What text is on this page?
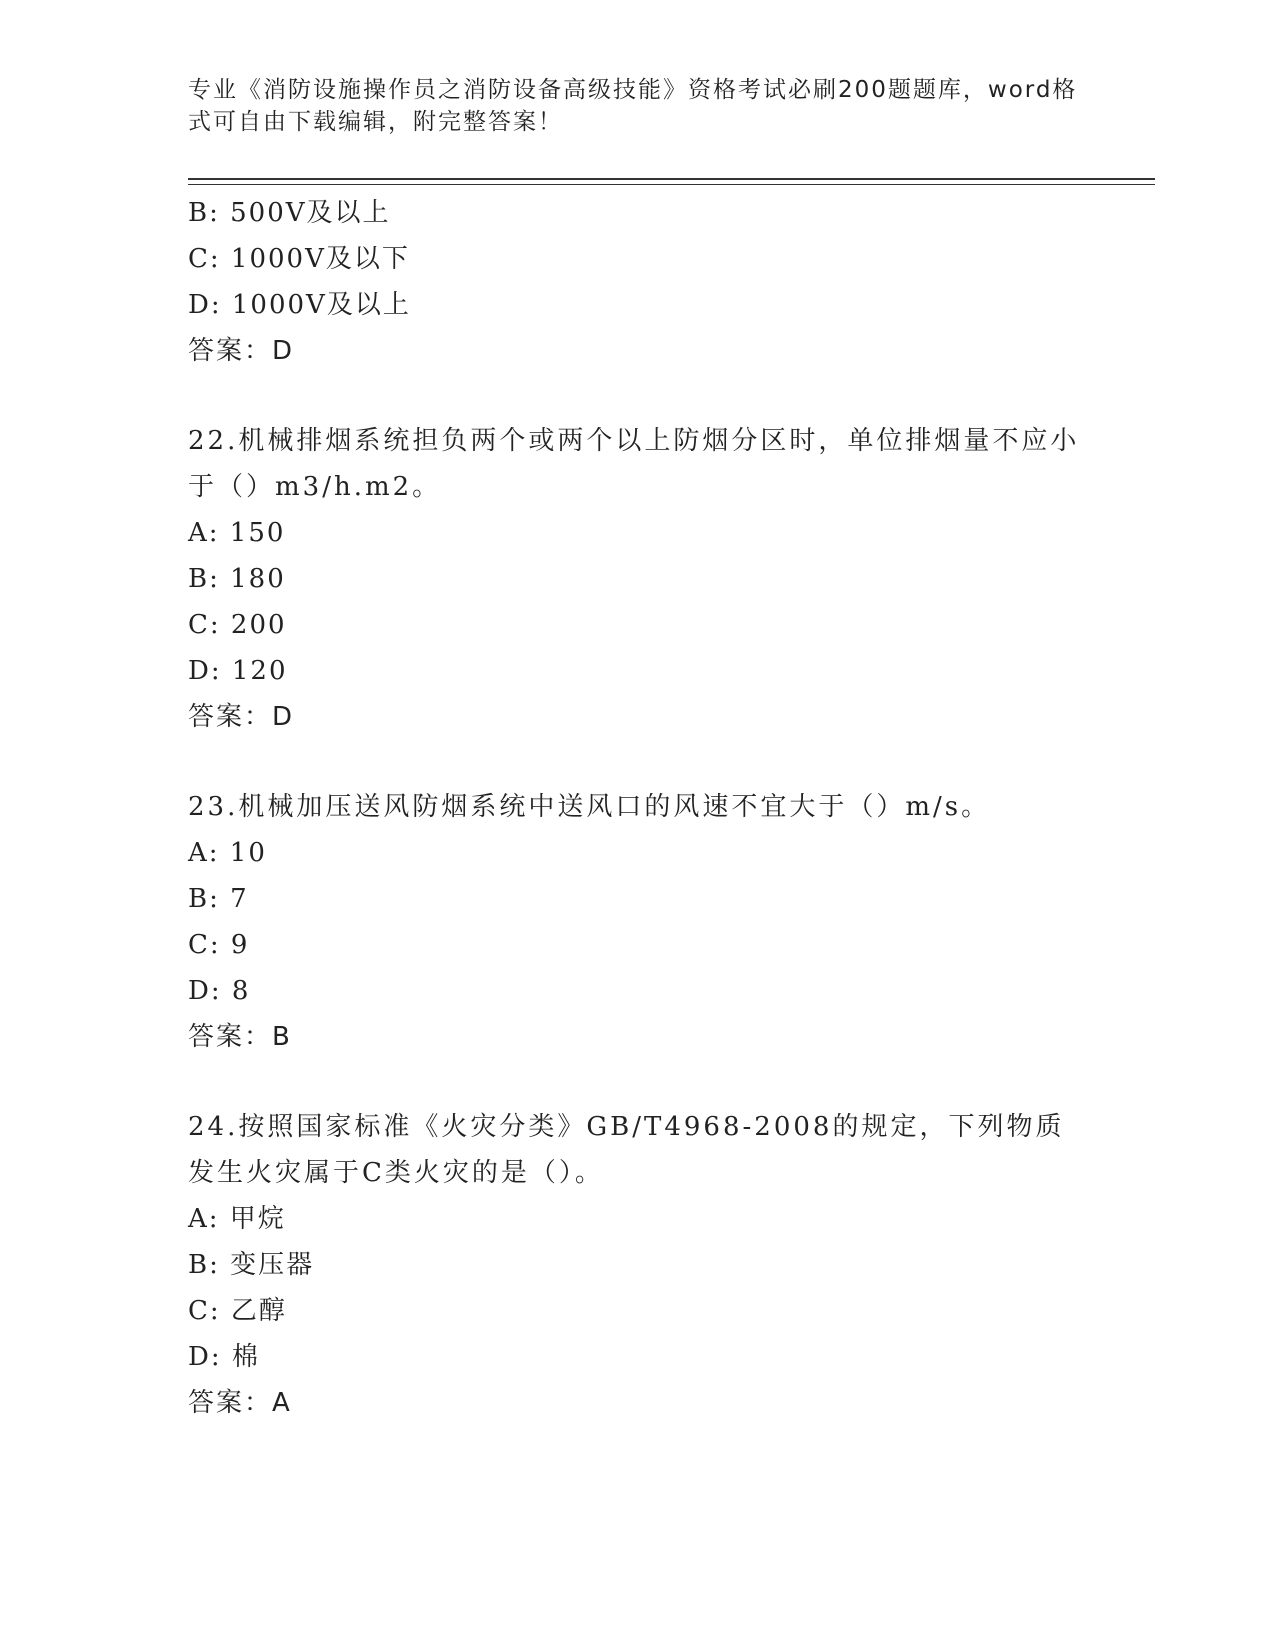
专业《消防设施操作员之消防设备高级技能》资格考试必刷200题题库，word格式可自由下载编辑，附完整答案！
B: 500V及以上
C: 1000V及以下
D: 1000V及以上
答案：D
22.机械排烟系统担负两个或两个以上防烟分区时，单位排烟量不应小于（）m3/h.m2。
A: 150
B: 180
C: 200
D: 120
答案：D
23.机械加压送风防烟系统中送风口的风速不宜大于（）m/s。
A: 10
B: 7
C: 9
D: 8
答案：B
24.按照国家标准《火灾分类》GB/T4968-2008的规定，下列物质发生火灾属于C类火灾的是（）。
A: 甲烷
B: 变压器
C: 乙醇
D: 棉
答案：A
